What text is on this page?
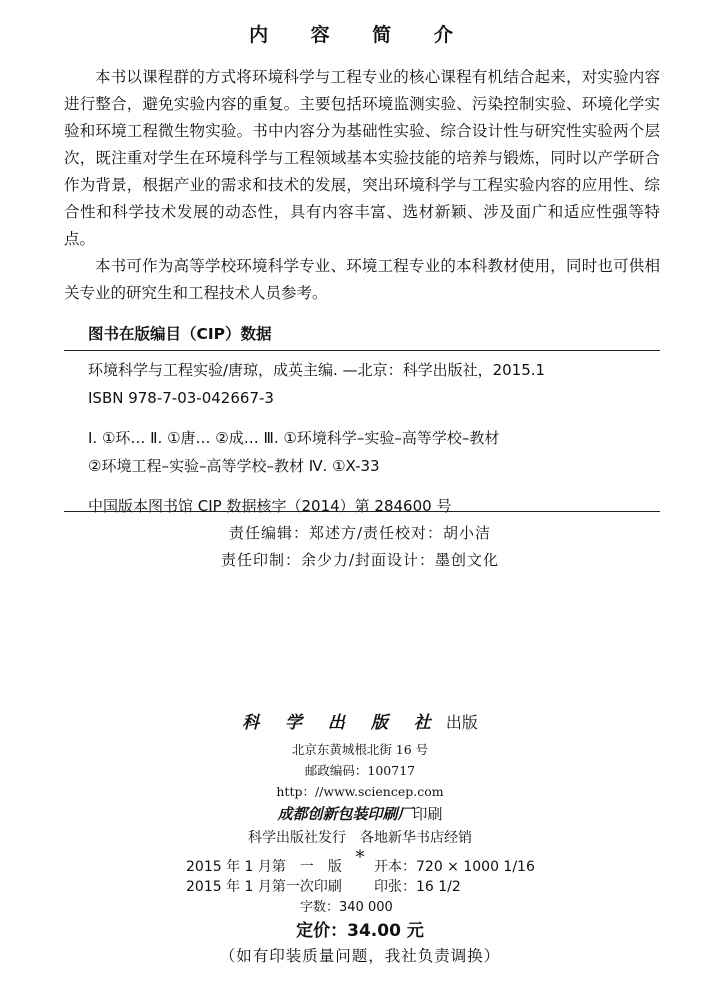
内 容 简 介

本书以课程群的方式将环境科学与工程专业的核心课程有机结合起来，对实验内容进行整合，避免实验内容的重复。主要包括环境监测实验、污染控制实验、环境化学实验和环境工程微生物实验。书中内容分为基础性实验、综合设计性与研究性实验两个层次，既注重对学生在环境科学与工程领域基本实验技能的培养与锻炼，同时以产学研合作为背景，根据产业的需求和技术的发展，突出环境科学与工程实验内容的应用性、综合性和科学技术发展的动态性，具有内容丰富、选材新颖、涉及面广和适应性强等特点。

本书可作为高等学校环境科学专业、环境工程专业的本科教材使用，同时也可供相关专业的研究生和工程技术人员参考。

图书在版编目（CIP）数据
环境科学与工程实验/唐琼，成英主编. —北京：科学出版社，2015.1
ISBN 978-7-03-042667-3
Ⅰ. ①环… Ⅱ. ①唐… ②成… Ⅲ. ①环境科学–实验–高等学校–教材
②环境工程–实验–高等学校–教材 Ⅳ. ①X-33
中国版本图书馆 CIP 数据核字（2014）第 284600 号
责任编辑：郑述方/责任校对：胡小洁
责任印制：余少力/封面设计：墨创文化
科 学 出 版 社 出版
北京东黄城根北街 16 号
邮政编码：100717
http：//www.sciencep.com
成都创新包装印刷厂印刷
科学出版社发行　各地新华书店经销
*
2015 年 1 月第　一　版 开本：720 × 1000 1/16
2015 年 1 月第一次印刷 印张：16 1/2
字数：340 000
定价：34.00 元
（如有印装质量问题，我社负责调换）
